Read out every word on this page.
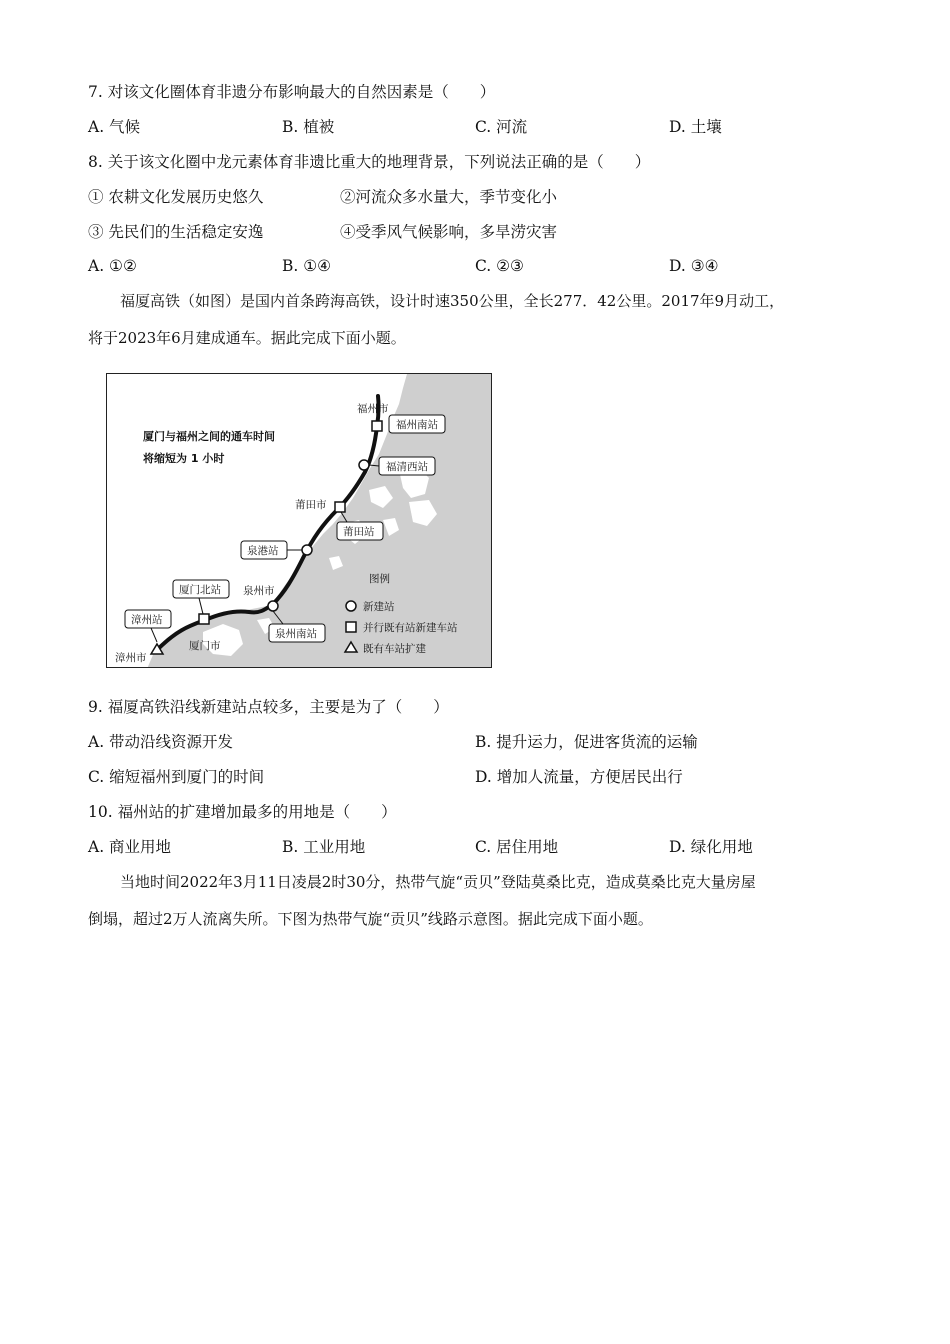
7. 对该文化圈体育非遗分布影响最大的自然因素是（　　）
A. 气候	B. 植被	C. 河流	D. 土壤
8. 关于该文化圈中龙元素体育非遗比重大的地理背景，下列说法正确的是（　　）
① 农耕文化发展历史悠久	②河流众多水量大，季节变化小
③ 先民们的生活稳定安逸	④受季风气候影响，多旱涝灾害
A. ①②	B. ①④	C. ②③	D. ③④
福厦高铁（如图）是国内首条跨海高铁，设计时速350公里，全长277．42公里。2017年9月动工，
将于2023年6月建成通车。据此完成下面小题。
厦门与福州之间的通车时间
将缩短为 1 小时
福州市
莆田市
泉州市
厦门市
漳州市
福州南站
福清西站
莆田站
泉港站
泉州南站
厦门北站
漳州站
图例
新建站
并行既有站新建车站
既有车站扩建
9. 福厦高铁沿线新建站点较多，主要是为了（　　）
A. 带动沿线资源开发	B. 提升运力，促进客货流的运输
C. 缩短福州到厦门的时间	D. 增加人流量，方便居民出行
10. 福州站的扩建增加最多的用地是（　　）
A. 商业用地	B. 工业用地	C. 居住用地	D. 绿化用地
当地时间2022年3月11日凌晨2时30分，热带气旋“贡贝”登陆莫桑比克，造成莫桑比克大量房屋
倒塌，超过2万人流离失所。下图为热带气旋“贡贝”线路示意图。据此完成下面小题。
